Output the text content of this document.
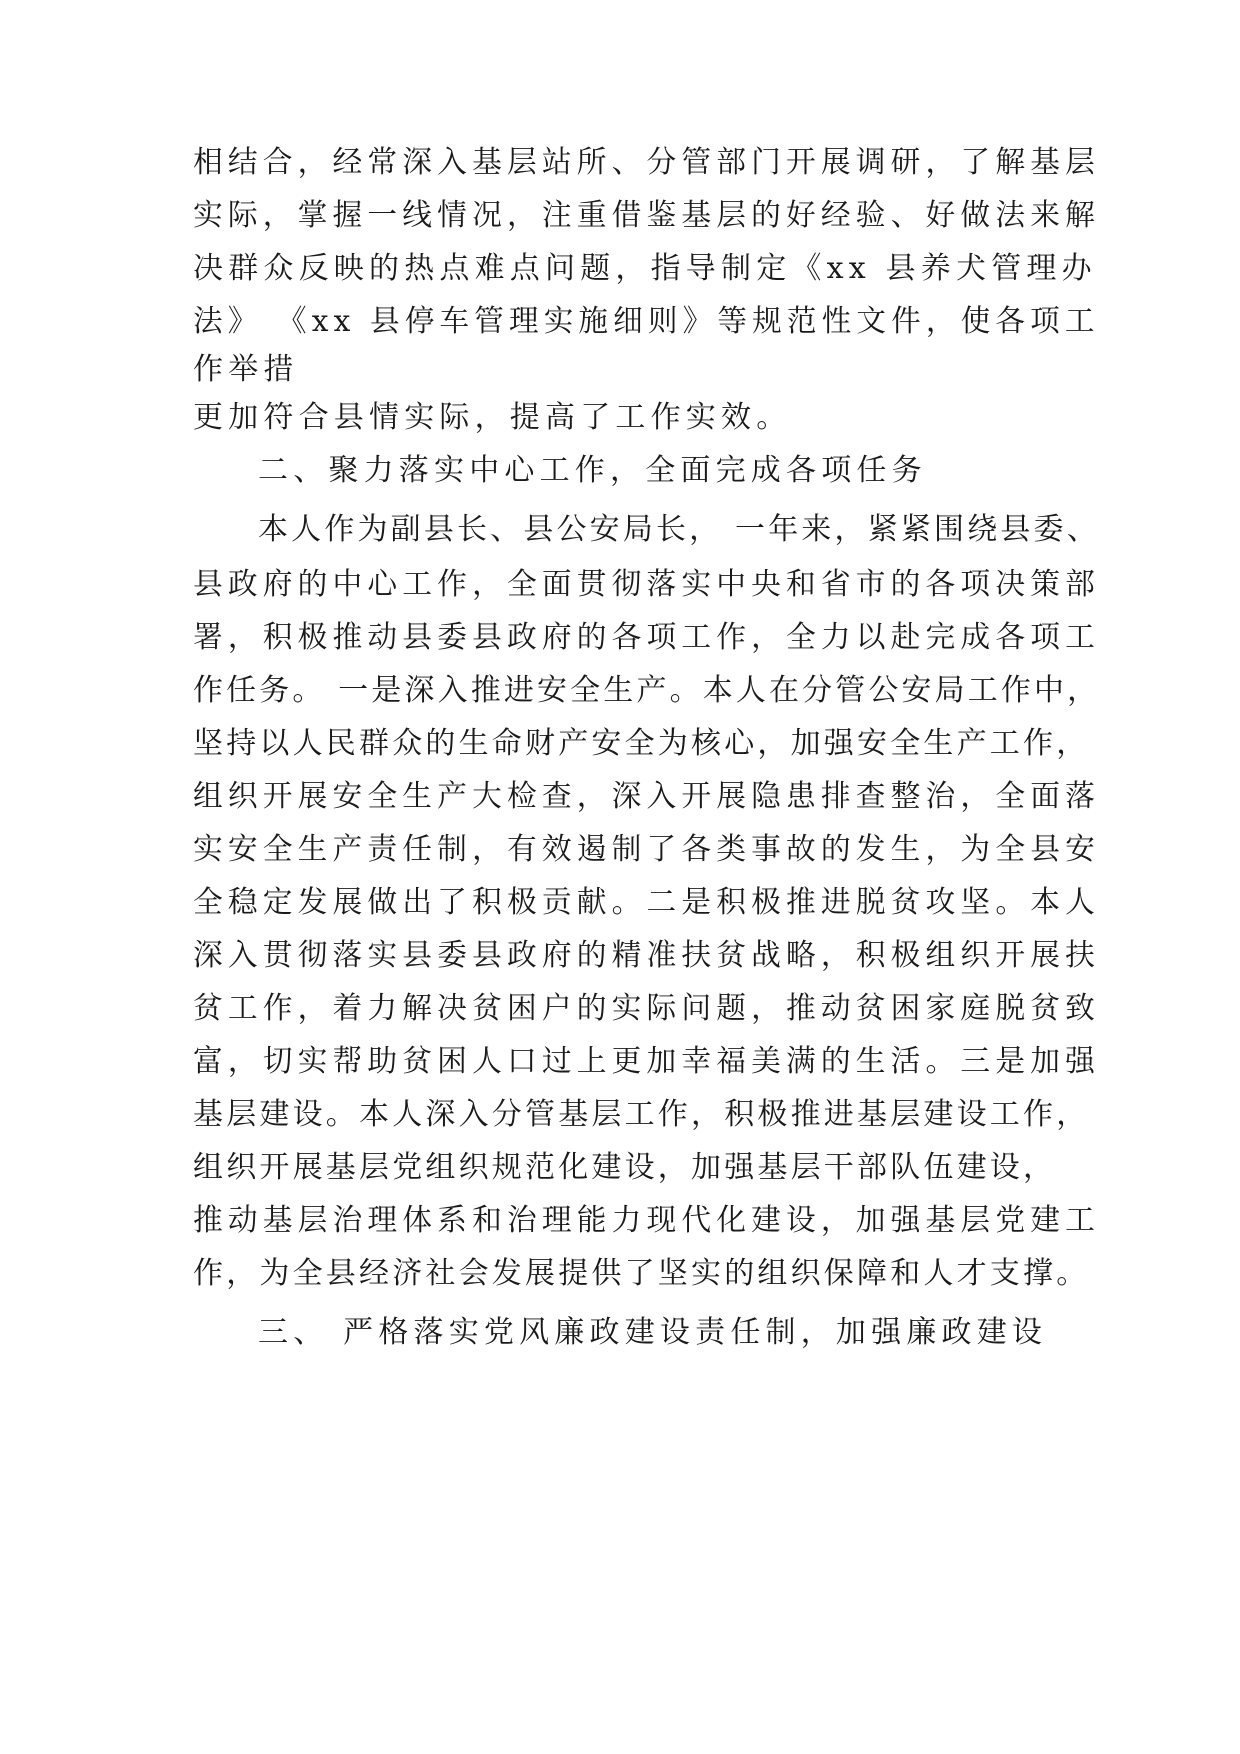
相结合，经常深入基层站所、分管部门开展调研，了解基层
实际，掌握一线情况，注重借鉴基层的好经验、好做法来解
决群众反映的热点难点问题，指导制定《xx 县养犬管理办
法》 《xx 县停车管理实施细则》等规范性文件，使各项工
作举措
更加符合县情实际，提高了工作实效。
二、聚力落实中心工作，全面完成各项任务
本人作为副县长、县公安局长， 一年来，紧紧围绕县委、
县政府的中心工作，全面贯彻落实中央和省市的各项决策部
署，积极推动县委县政府的各项工作，全力以赴完成各项工
作任务。 一是深入推进安全生产。本人在分管公安局工作中，
坚持以人民群众的生命财产安全为核心，加强安全生产工作，
组织开展安全生产大检查，深入开展隐患排查整治，全面落
实安全生产责任制，有效遏制了各类事故的发生，为全县安
全稳定发展做出了积极贡献。二是积极推进脱贫攻坚。本人
深入贯彻落实县委县政府的精准扶贫战略，积极组织开展扶
贫工作，着力解决贫困户的实际问题，推动贫困家庭脱贫致
富，切实帮助贫困人口过上更加幸福美满的生活。三是加强
基层建设。本人深入分管基层工作，积极推进基层建设工作，
组织开展基层党组织规范化建设，加强基层干部队伍建设，
推动基层治理体系和治理能力现代化建设，加强基层党建工
作，为全县经济社会发展提供了坚实的组织保障和人才支撑。
三、 严格落实党风廉政建设责任制，加强廉政建设
